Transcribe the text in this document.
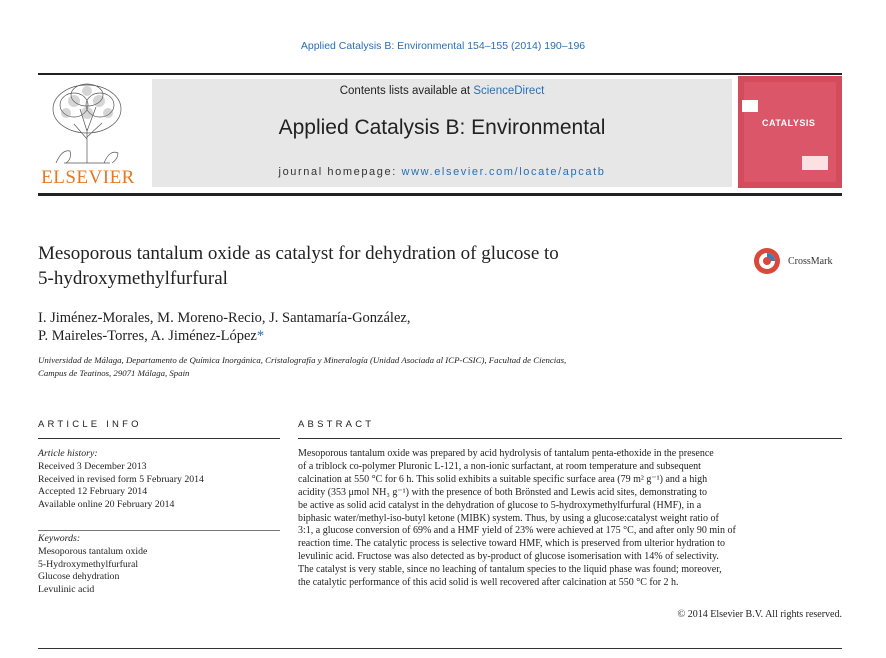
Applied Catalysis B: Environmental 154–155 (2014) 190–196
ELSEVIER
Contents lists available at ScienceDirect
Applied Catalysis B: Environmental
journal homepage: www.elsevier.com/locate/apcatb
CATALYSIS
Mesoporous tantalum oxide as catalyst for dehydration of glucose to
5-hydroxymethylfurfural
CrossMark
I. Jiménez-Morales, M. Moreno-Recio, J. Santamaría-González,
P. Maireles-Torres, A. Jiménez-López*
Universidad de Málaga, Departamento de Química Inorgánica, Cristalografía y Mineralogía (Unidad Asociada al ICP-CSIC), Facultad de Ciencias,
Campus de Teatinos, 29071 Málaga, Spain
ARTICLE INFO	ABSTRACT
Article history:
Received 3 December 2013
Received in revised form 5 February 2014
Accepted 12 February 2014
Available online 20 February 2014
Keywords:
Mesoporous tantalum oxide
5-Hydroxymethylfurfural
Glucose dehydration
Levulinic acid
Mesoporous tantalum oxide was prepared by acid hydrolysis of tantalum penta-ethoxide in the presence
of a triblock co-polymer Pluronic L-121, a non-ionic surfactant, at room temperature and subsequent
calcination at 550 °C for 6 h. This solid exhibits a suitable specific surface area (79 m² g⁻¹) and a high
acidity (353 μmol NH₃ g⁻¹) with the presence of both Brönsted and Lewis acid sites, demonstrating to
be active as solid acid catalyst in the dehydration of glucose to 5-hydroxymethylfurfural (HMF), in a
biphasic water/methyl-iso-butyl ketone (MIBK) system. Thus, by using a glucose:catalyst weight ratio of
3:1, a glucose conversion of 69% and a HMF yield of 23% were achieved at 175 °C, and after only 90 min of
reaction time. The catalytic process is selective toward HMF, which is preserved from ulterior hydration to
levulinic acid. Fructose was also detected as by-product of glucose isomerisation with 14% of selectivity.
The catalyst is very stable, since no leaching of tantalum species to the liquid phase was found; moreover,
the catalytic performance of this acid solid is well recovered after calcination at 550 °C for 2 h.
© 2014 Elsevier B.V. All rights reserved.
